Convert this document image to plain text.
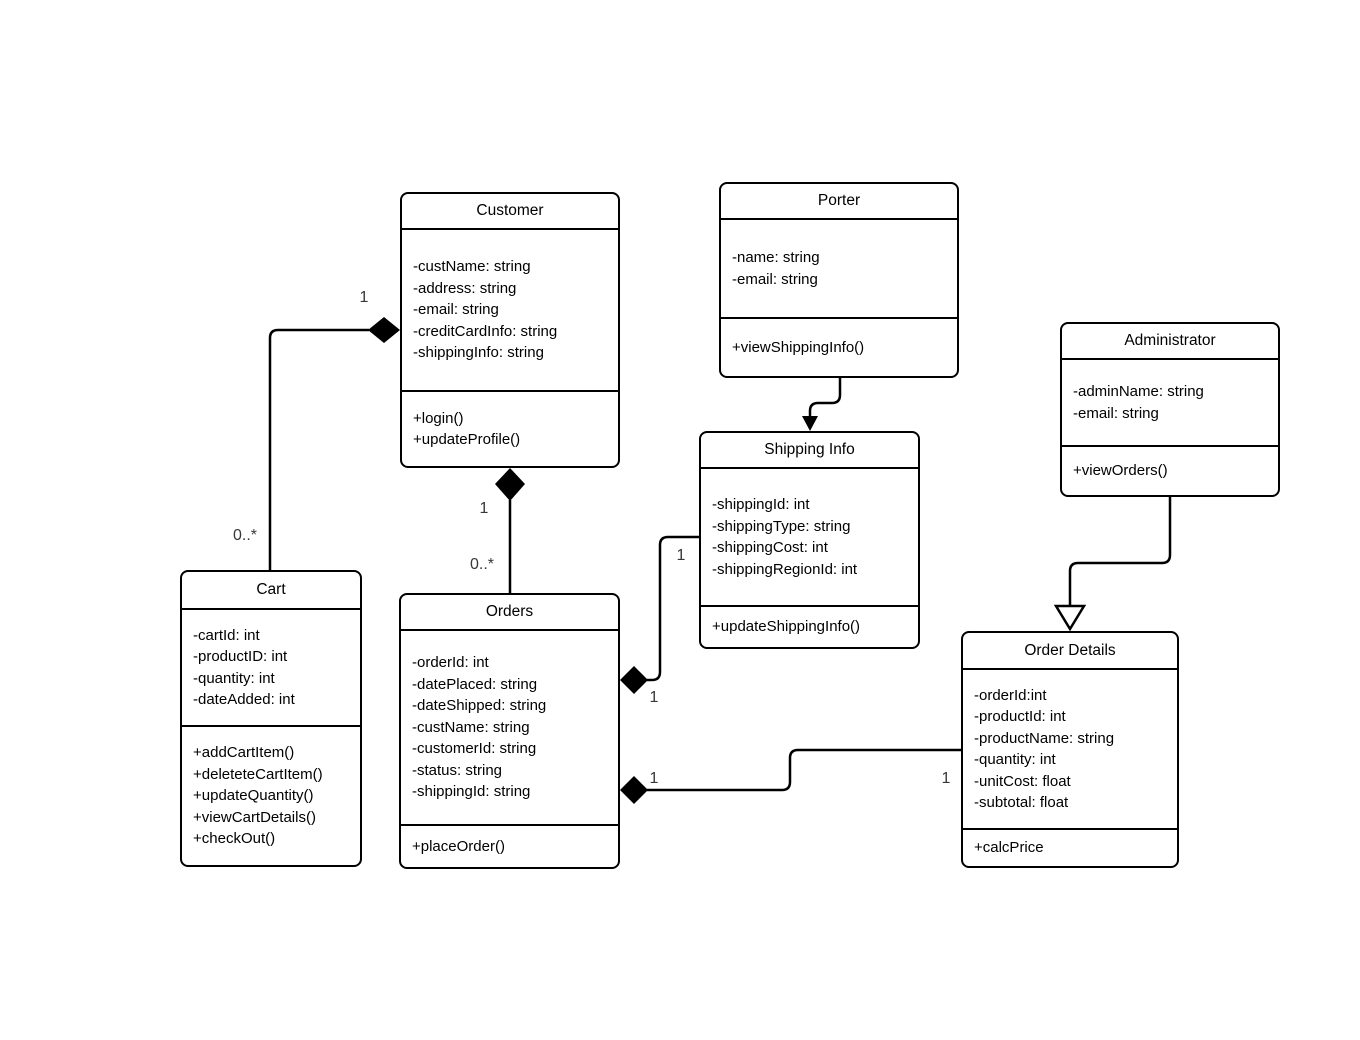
Customer
-custName: string
-address: string
-email: string
-creditCardInfo: string
-shippingInfo: string
+login()
+updateProfile()
Porter
-name: string
-email: string
+viewShippingInfo()	Administrator
-adminName: string
-email: string
+viewOrders()
Shipping Info
-shippingId: int
-shippingType: string
-shippingCost: int
-shippingRegionId: int
+updateShippingInfo()
Cart
-cartId: int
-productID: int
-quantity: int
-dateAdded: int
+addCartItem()
+deleteteCartItem()
+updateQuantity()
+viewCartDetails()
+checkOut()
Orders
-orderId: int
-datePlaced: string
-dateShipped: string
-custName: string
-customerId: string
-status: string
-shippingId: string
+placeOrder()
Order Details
-orderId:int
-productId: int
-productName: string
-quantity: int
-unitCost: float
-subtotal: float
+calcPrice
1
0..*
1
0..*
1
1
1	1
